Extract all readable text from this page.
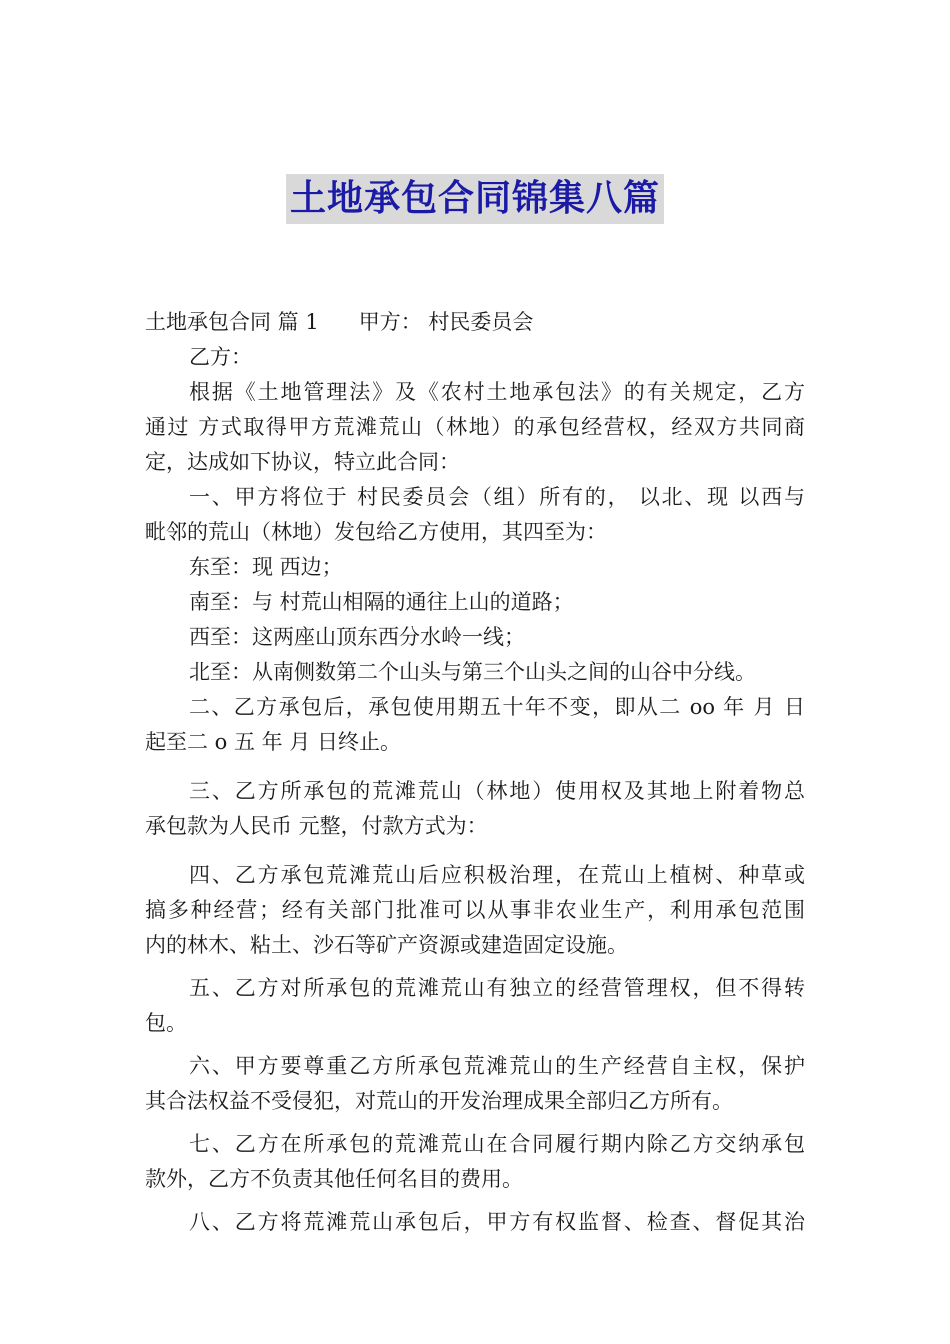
土地承包合同锦集八篇
土地承包合同 篇 1 甲方： 村民委员会
乙方：
根据《土地管理法》及《农村土地承包法》的有关规定，乙方
通过 方式取得甲方荒滩荒山（林地）的承包经营权，经双方共同商
定，达成如下协议，特立此合同：
一、甲方将位于 村民委员会（组）所有的， 以北、现 以西与
毗邻的荒山（林地）发包给乙方使用，其四至为：
东至：现 西边；
南至：与 村荒山相隔的通往上山的道路；
西至：这两座山顶东西分水岭一线；
北至：从南侧数第二个山头与第三个山头之间的山谷中分线。
二、乙方承包后，承包使用期五十年不变，即从二 oo 年 月 日
起至二 o 五 年 月 日终止。
三、乙方所承包的荒滩荒山（林地）使用权及其地上附着物总
承包款为人民币 元整，付款方式为：
四、乙方承包荒滩荒山后应积极治理，在荒山上植树、种草或
搞多种经营；经有关部门批准可以从事非农业生产，利用承包范围
内的林木、粘土、沙石等矿产资源或建造固定设施。
五、乙方对所承包的荒滩荒山有独立的经营管理权，但不得转
包。
六、甲方要尊重乙方所承包荒滩荒山的生产经营自主权，保护
其合法权益不受侵犯，对荒山的开发治理成果全部归乙方所有。
七、乙方在所承包的荒滩荒山在合同履行期内除乙方交纳承包
款外，乙方不负责其他任何名目的费用。
八、乙方将荒滩荒山承包后，甲方有权监督、检查、督促其治
